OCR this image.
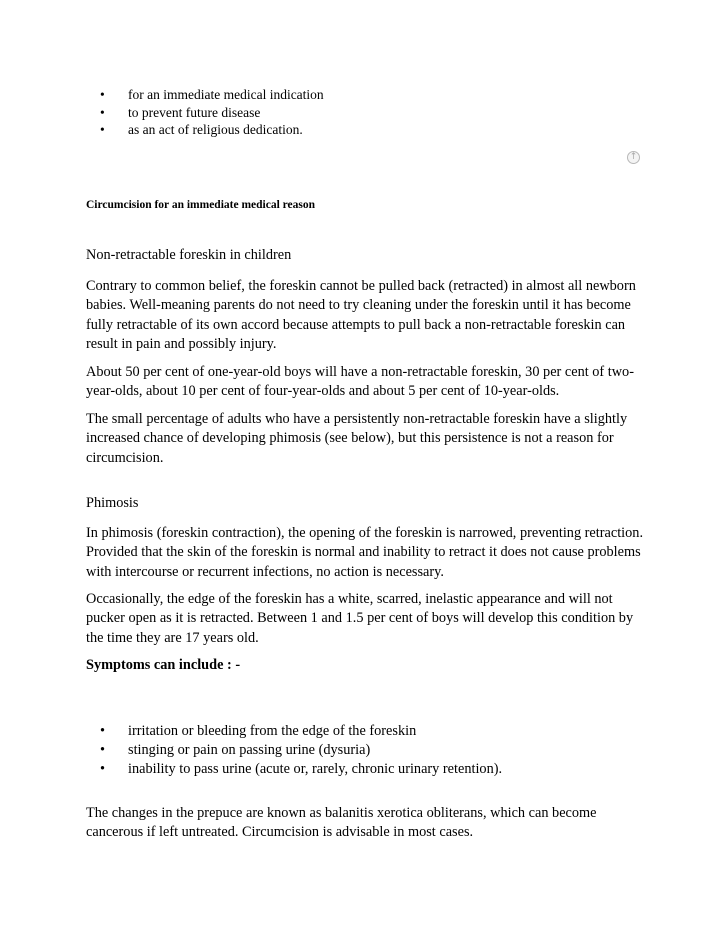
• for an immediate medical indication
• to prevent future disease
• as an act of religious dedication.
↑
Circumcision for an immediate medical reason
Non-retractable foreskin in children

Contrary to common belief, the foreskin cannot be pulled back (retracted) in almost all newborn babies. Well-meaning parents do not need to try cleaning under the foreskin until it has become fully retractable of its own accord because attempts to pull back a non-retractable foreskin can result in pain and possibly injury.

About 50 per cent of one-year-old boys will have a non-retractable foreskin, 30 per cent of two-year-olds, about 10 per cent of four-year-olds and about 5 per cent of 10-year-olds.

The small percentage of adults who have a persistently non-retractable foreskin have a slightly increased chance of developing phimosis (see below), but this persistence is not a reason for circumcision.

Phimosis

In phimosis (foreskin contraction), the opening of the foreskin is narrowed, preventing retraction. Provided that the skin of the foreskin is normal and inability to retract it does not cause problems with intercourse or recurrent infections, no action is necessary.

Occasionally, the edge of the foreskin has a white, scarred, inelastic appearance and will not pucker open as it is retracted. Between 1 and 1.5 per cent of boys will develop this condition by the time they are 17 years old.

Symptoms can include : -
• irritation or bleeding from the edge of the foreskin
• stinging or pain on passing urine (dysuria)
• inability to pass urine (acute or, rarely, chronic urinary retention).

The changes in the prepuce are known as balanitis xerotica obliterans, which can become cancerous if left untreated. Circumcision is advisable in most cases.
